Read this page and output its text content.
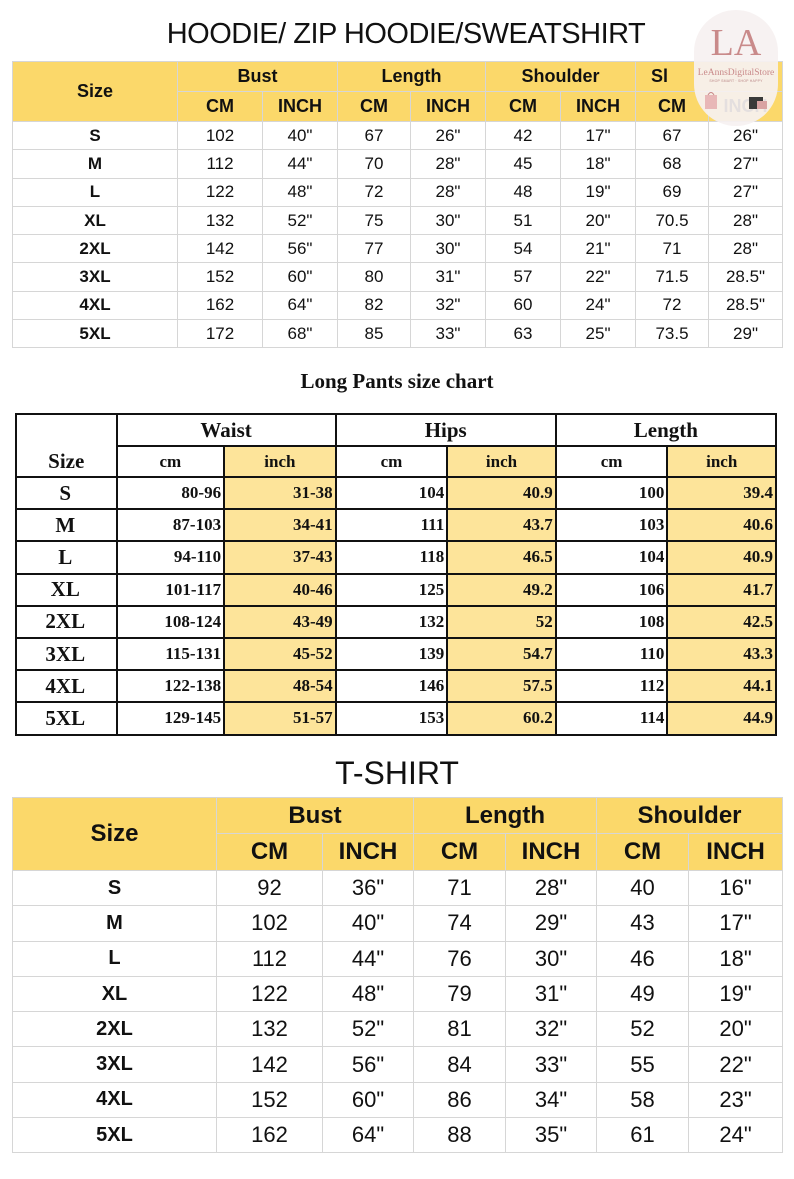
HOODIE/ ZIP HOODIE/SWEATSHIRT
Size	Bust		Length		Shoulder		Sl	
	CM	INCH	CM	INCH	CM	INCH	CM	
S	102	40"	67	26"	42	17"	67	26"
M	112	44"	70	28"	45	18"	68	27"
L	122	48"	72	28"	48	19"	69	27"
XL	132	52"	75	30"	51	20"	70.5	28"
2XL	142	56"	77	30"	54	21"	71	28"
3XL	152	60"	80	31"	57	22"	71.5	28.5"
4XL	162	64"	82	32"	60	24"	72	28.5"
5XL	172	68"	85	33"	63	25"	73.5	29"
LA
LeAnnsDigitalStore
SHOP SMART · SHOP HAPPY
Long Pants size chart
Size	Waist		Hips		Length	
	cm	inch	cm	inch	cm	inch
S	80-96	31-38	104	40.9	100	39.4
M	87-103	34-41	111	43.7	103	40.6
L	94-110	37-43	118	46.5	104	40.9
XL	101-117	40-46	125	49.2	106	41.7
2XL	108-124	43-49	132	52	108	42.5
3XL	115-131	45-52	139	54.7	110	43.3
4XL	122-138	48-54	146	57.5	112	44.1
5XL	129-145	51-57	153	60.2	114	44.9
T-SHIRT
Size	Bust		Length		Shoulder	
	CM	INCH	CM	INCH	CM	INCH
S	92	36"	71	28"	40	16"
M	102	40"	74	29"	43	17"
L	112	44"	76	30"	46	18"
XL	122	48"	79	31"	49	19"
2XL	132	52"	81	32"	52	20"
3XL	142	56"	84	33"	55	22"
4XL	152	60"	86	34"	58	23"
5XL	162	64"	88	35"	61	24"
